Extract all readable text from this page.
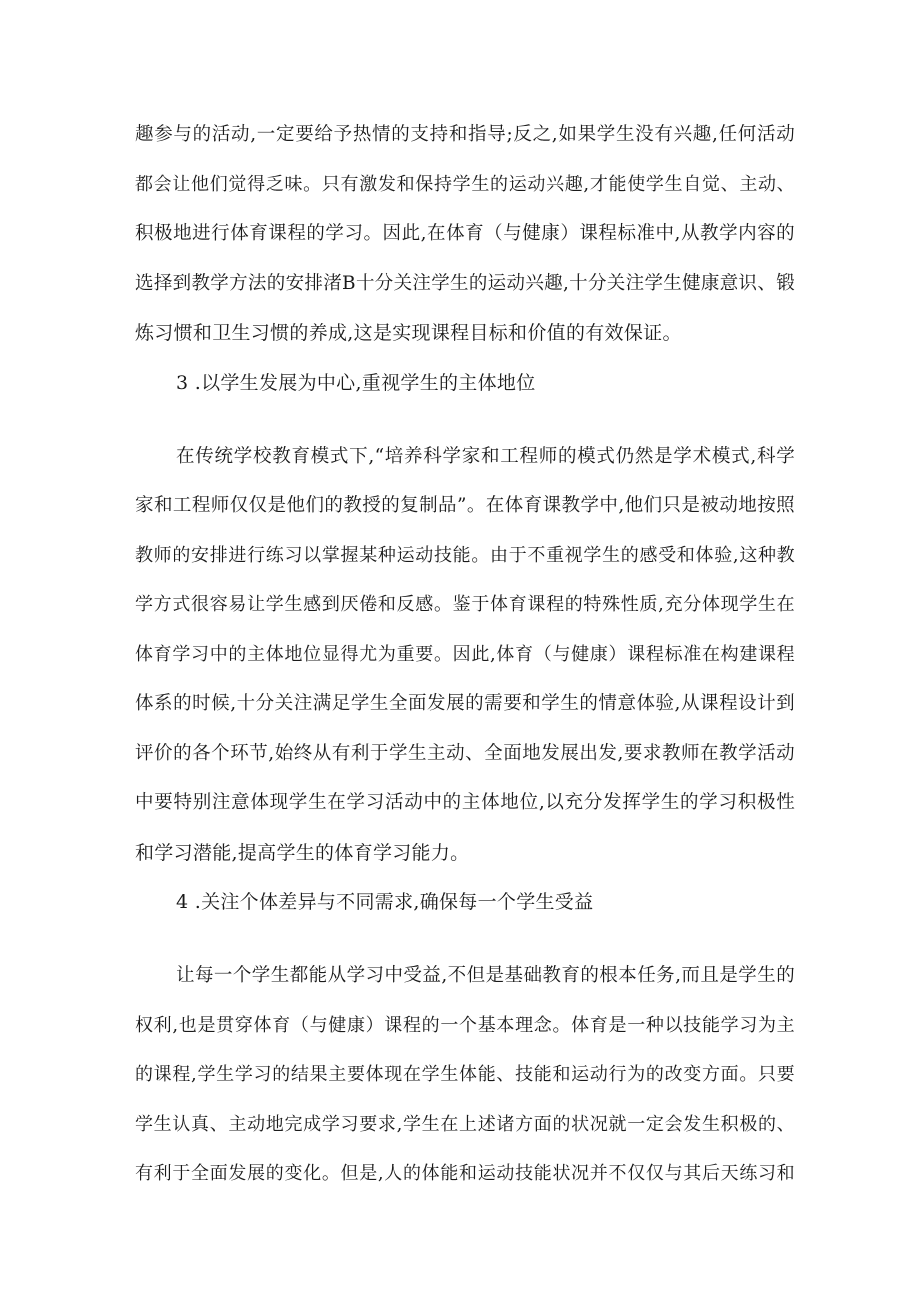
趣参与的活动,一定要给予热情的支持和指导;反之,如果学生没有兴趣,任何活动
都会让他们觉得乏味。只有激发和保持学生的运动兴趣,才能使学生自觉、主动、
积极地进行体育课程的学习。因此,在体育（与健康）课程标准中,从教学内容的
选择到教学方法的安排渚B十分关注学生的运动兴趣,十分关注学生健康意识、锻
炼习惯和卫生习惯的养成,这是实现课程目标和价值的有效保证。
3 .以学生发展为中心,重视学生的主体地位
在传统学校教育模式下,“培养科学家和工程师的模式仍然是学术模式,科学
家和工程师仅仅是他们的教授的复制品”。在体育课教学中,他们只是被动地按照
教师的安排进行练习以掌握某种运动技能。由于不重视学生的感受和体验,这种教
学方式很容易让学生感到厌倦和反感。鉴于体育课程的特殊性质,充分体现学生在
体育学习中的主体地位显得尤为重要。因此,体育（与健康）课程标准在构建课程
体系的时候,十分关注满足学生全面发展的需要和学生的情意体验,从课程设计到
评价的各个环节,始终从有利于学生主动、全面地发展出发,要求教师在教学活动
中要特别注意体现学生在学习活动中的主体地位,以充分发挥学生的学习积极性
和学习潜能,提高学生的体育学习能力。
4 .关注个体差异与不同需求,确保每一个学生受益
让每一个学生都能从学习中受益,不但是基础教育的根本任务,而且是学生的
权利,也是贯穿体育（与健康）课程的一个基本理念。体育是一种以技能学习为主
的课程,学生学习的结果主要体现在学生体能、技能和运动行为的改变方面。只要
学生认真、主动地完成学习要求,学生在上述诸方面的状况就一定会发生积极的、
有利于全面发展的变化。但是,人的体能和运动技能状况并不仅仅与其后天练习和
